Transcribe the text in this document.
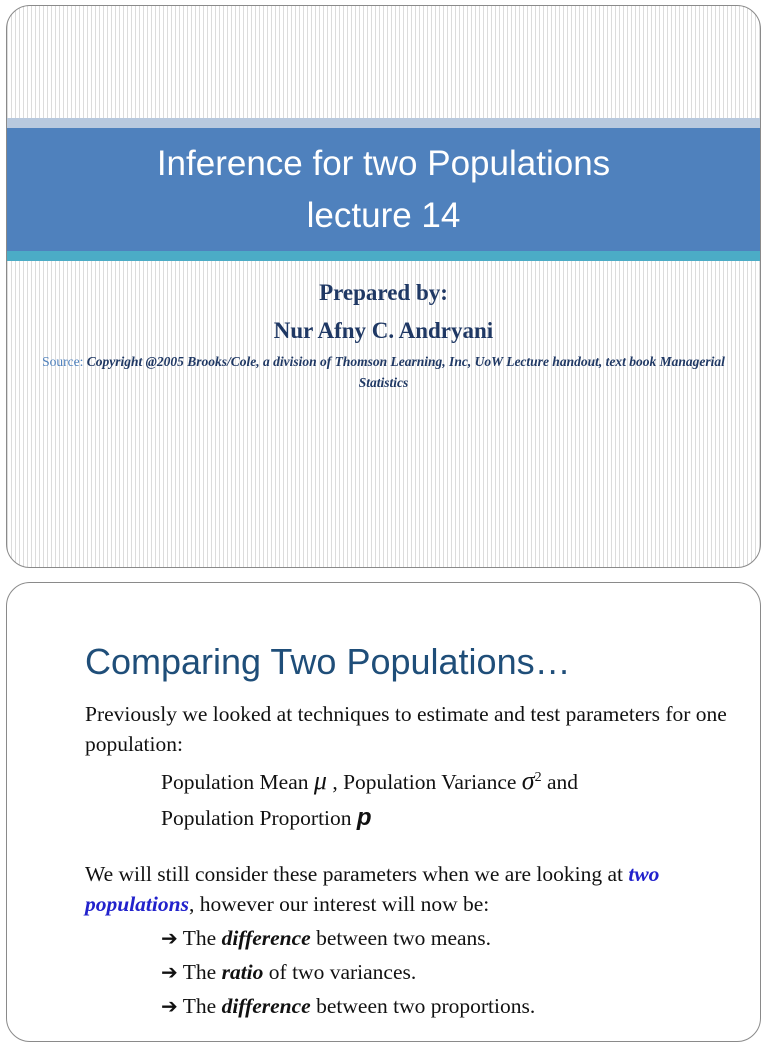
Inference for two Populations
lecture 14
Prepared by:
Nur Afny C. Andryani
Source: Copyright @2005 Brooks/Cole, a division of Thomson Learning, Inc, UoW Lecture handout, text book Managerial Statistics
Comparing Two Populations…
Previously we looked at techniques to estimate and test parameters for one population:
Population Mean μ , Population Variance $\sigma^2$ and
Population Proportion p
We will still consider these parameters when we are looking at two populations, however our interest will now be:
➔ The difference between two means.
➔ The ratio of two variances.
➔ The difference between two proportions.
